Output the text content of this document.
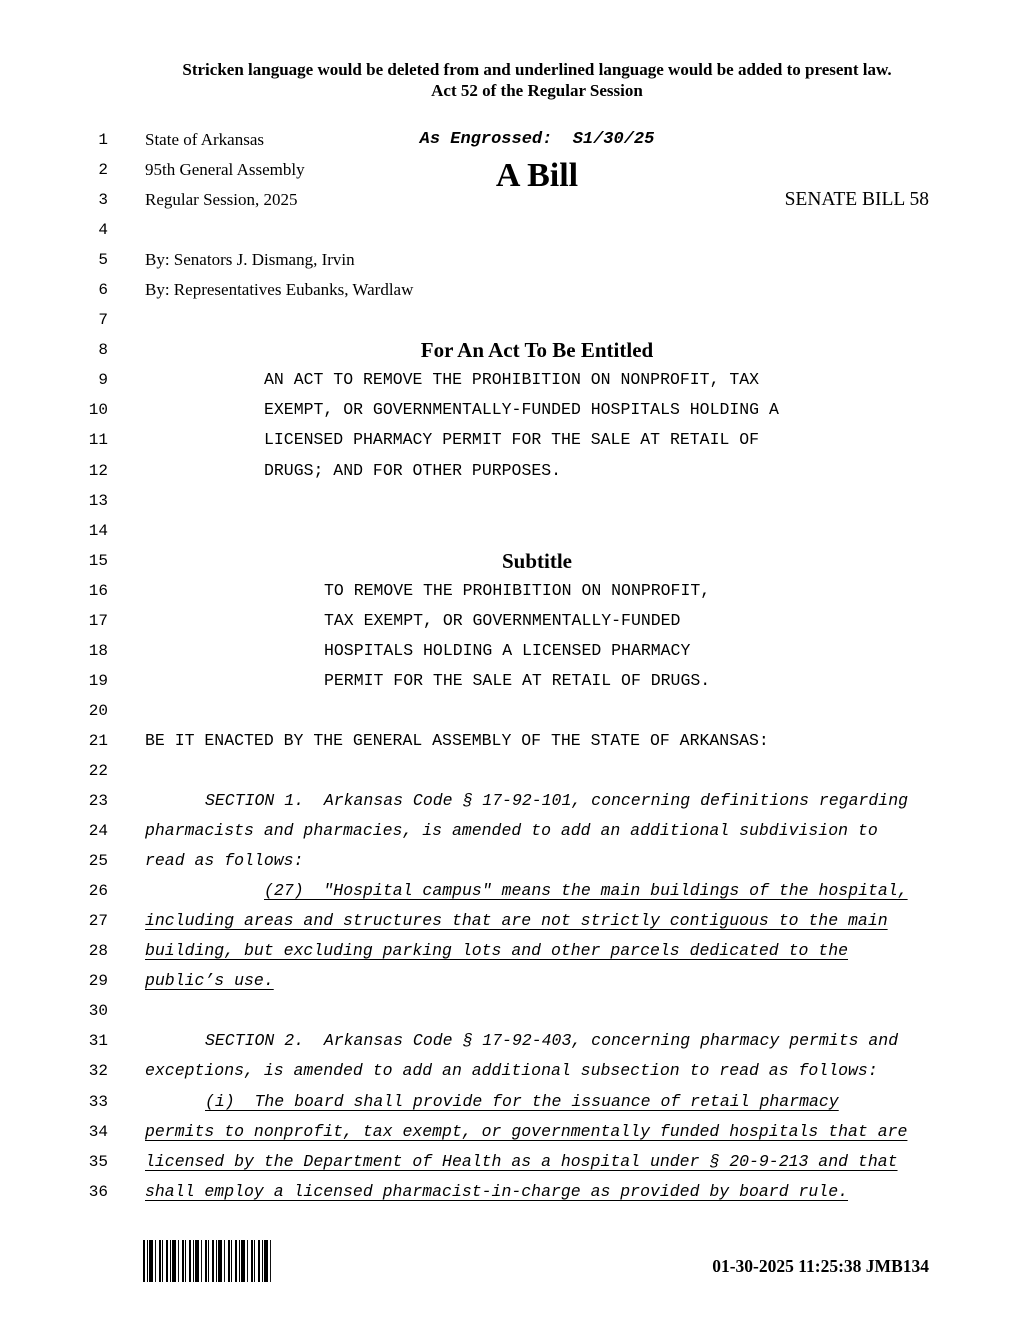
Stricken language would be deleted from and underlined language would be added to present law.
Act 52 of the Regular Session
1 State of Arkansas	As Engrossed:  S1/30/25
2 95th General Assembly	A Bill
3 Regular Session, 2025	SENATE BILL 58
4
5 By: Senators J. Dismang, Irvin
6 By: Representatives Eubanks, Wardlaw
7
8	For An Act To Be Entitled
9	AN ACT TO REMOVE THE PROHIBITION ON NONPROFIT, TAX
10	EXEMPT, OR GOVERNMENTALLY-FUNDED HOSPITALS HOLDING A
11	LICENSED PHARMACY PERMIT FOR THE SALE AT RETAIL OF
12	DRUGS; AND FOR OTHER PURPOSES.
13
14
15	Subtitle
16	TO REMOVE THE PROHIBITION ON NONPROFIT,
17	TAX EXEMPT, OR GOVERNMENTALLY-FUNDED
18	HOSPITALS HOLDING A LICENSED PHARMACY
19	PERMIT FOR THE SALE AT RETAIL OF DRUGS.
20
21 BE IT ENACTED BY THE GENERAL ASSEMBLY OF THE STATE OF ARKANSAS:
22
23	SECTION 1.  Arkansas Code § 17-92-101, concerning definitions regarding
24 pharmacists and pharmacies, is amended to add an additional subdivision to
25 read as follows:
26	(27)  "Hospital campus" means the main buildings of the hospital,
27 including areas and structures that are not strictly contiguous to the main
28 building, but excluding parking lots and other parcels dedicated to the
29 public’s use.
30
31	SECTION 2.  Arkansas Code § 17-92-403, concerning pharmacy permits and
32 exceptions, is amended to add an additional subsection to read as follows:
33	(i)  The board shall provide for the issuance of retail pharmacy
34 permits to nonprofit, tax exempt, or governmentally funded hospitals that are
35 licensed by the Department of Health as a hospital under § 20-9-213 and that
36 shall employ a licensed pharmacist-in-charge as provided by board rule.
01-30-2025 11:25:38 JMB134
